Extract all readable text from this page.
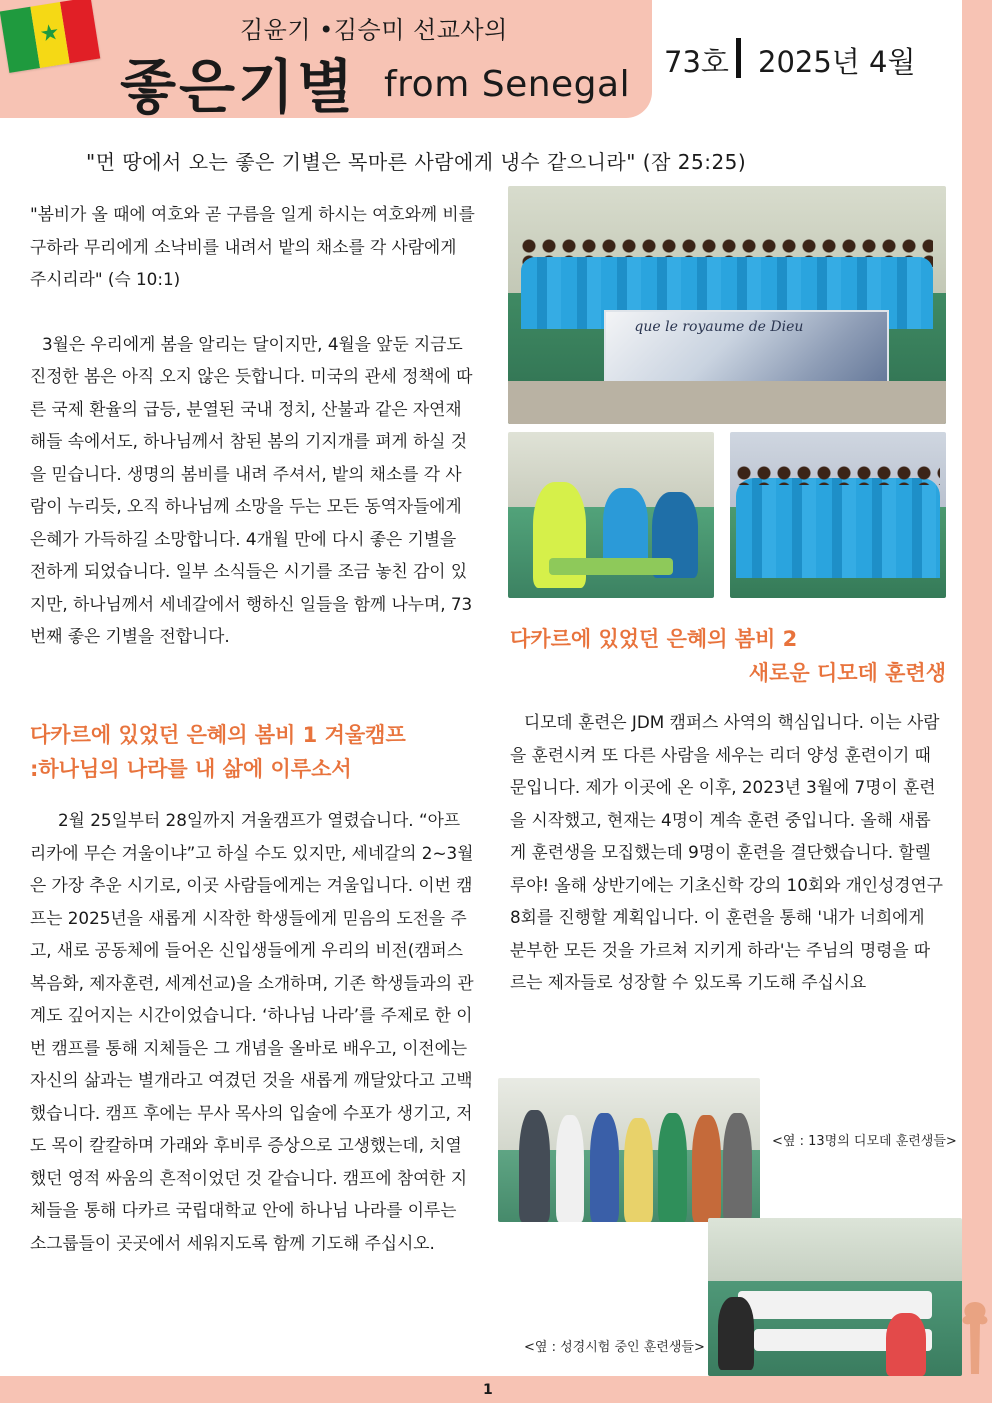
★	김윤기 •김승미 선교사의
좋은기별 from Senegal
73호 2025년 4월
"먼 땅에서 오는 좋은 기별은 목마른 사람에게 냉수 같으니라" (잠 25:25)

"봄비가 올 때에 여호와 곧 구름을 일게 하시는 여호와께 비를 구하라 무리에게 소낙비를 내려서 밭의 채소를 각 사람에게 주시리라" (슥 10:1)

3월은 우리에게 봄을 알리는 달이지만, 4월을 앞둔 지금도 진정한 봄은 아직 오지 않은 듯합니다. 미국의 관세 정책에 따른 국제 환율의 급등, 분열된 국내 정치, 산불과 같은 자연재해들 속에서도, 하나님께서 참된 봄의 기지개를 펴게 하실 것을 믿습니다. 생명의 봄비를 내려 주셔서, 밭의 채소를 각 사람이 누리듯, 오직 하나님께 소망을 두는 모든 동역자들에게 은혜가 가득하길 소망합니다. 4개월 만에 다시 좋은 기별을 전하게 되었습니다. 일부 소식들은 시기를 조금 놓친 감이 있지만, 하나님께서 세네갈에서 행하신 일들을 함께 나누며, 73번째 좋은 기별을 전합니다.

다카르에 있었던 은혜의 봄비 1 겨울캠프
:하나님의 나라를 내 삶에 이루소서

2월 25일부터 28일까지 겨울캠프가 열렸습니다. “아프리카에 무슨 겨울이냐”고 하실 수도 있지만, 세네갈의 2~3월은 가장 추운 시기로, 이곳 사람들에게는 겨울입니다. 이번 캠프는 2025년을 새롭게 시작한 학생들에게 믿음의 도전을 주고, 새로 공동체에 들어온 신입생들에게 우리의 비전(캠퍼스 복음화, 제자훈련, 세계선교)을 소개하며, 기존 학생들과의 관계도 깊어지는 시간이었습니다. ‘하나님 나라’를 주제로 한 이번 캠프를 통해 지체들은 그 개념을 올바로 배우고, 이전에는 자신의 삶과는 별개라고 여겼던 것을 새롭게 깨달았다고 고백했습니다. 캠프 후에는 무사 목사의 입술에 수포가 생기고, 저도 목이 칼칼하며 가래와 후비루 증상으로 고생했는데, 치열했던 영적 싸움의 흔적이었던 것 같습니다. 캠프에 참여한 지체들을 통해 다카르 국립대학교 안에 하나님 나라를 이루는 소그룹들이 곳곳에서 세워지도록 함께 기도해 주십시오.

que le royaume de Dieu
다카르에 있었던 은혜의 봄비 2
새로운 디모데 훈련생

디모데 훈련은 JDM 캠퍼스 사역의 핵심입니다. 이는 사람을 훈련시켜 또 다른 사람을 세우는 리더 양성 훈련이기 때문입니다. 제가 이곳에 온 이후, 2023년 3월에 7명이 훈련을 시작했고, 현재는 4명이 계속 훈련 중입니다. 올해 새롭게 훈련생을 모집했는데 9명이 훈련을 결단했습니다. 할렐루야! 올해 상반기에는 기초신학 강의 10회와 개인성경연구 8회를 진행할 계획입니다. 이 훈련을 통해 '내가 너희에게 분부한 모든 것을 가르쳐 지키게 하라'는 주님의 명령을 따르는 제자들로 성장할 수 있도록 기도해 주십시요

<옆 : 13명의 디모데 훈련생들>
<옆 : 성경시험 중인 훈련생들>
1
